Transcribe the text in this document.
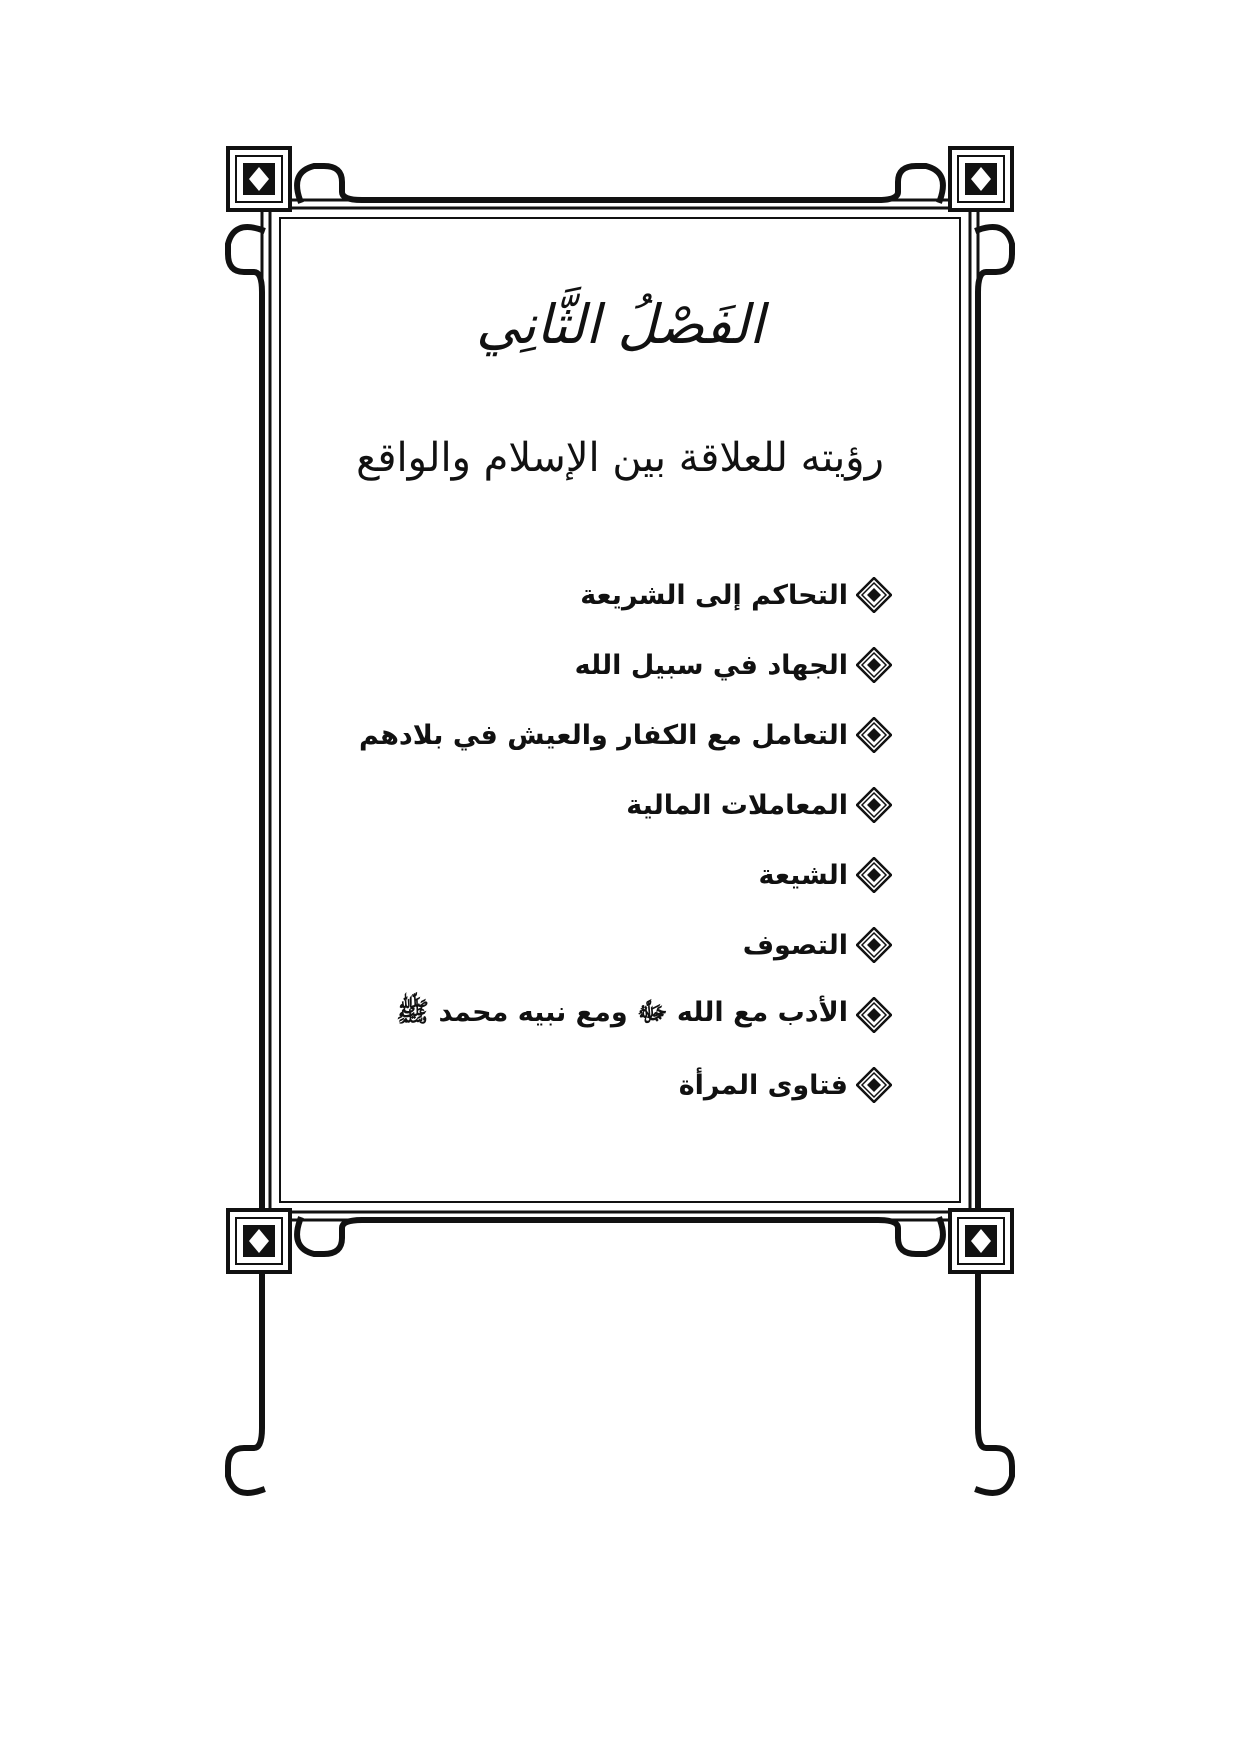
الفَصْلُ الثَّانِي
رؤيته للعلاقة بين الإسلام والواقع
التحاكم إلى الشريعة
الجهاد في سبيل الله
التعامل مع الكفار والعيش في بلادهم
المعاملات المالية
الشيعة
التصوف
الأدب مع الله ﷻ ومع نبيه محمد ﷺ
فتاوى المرأة
